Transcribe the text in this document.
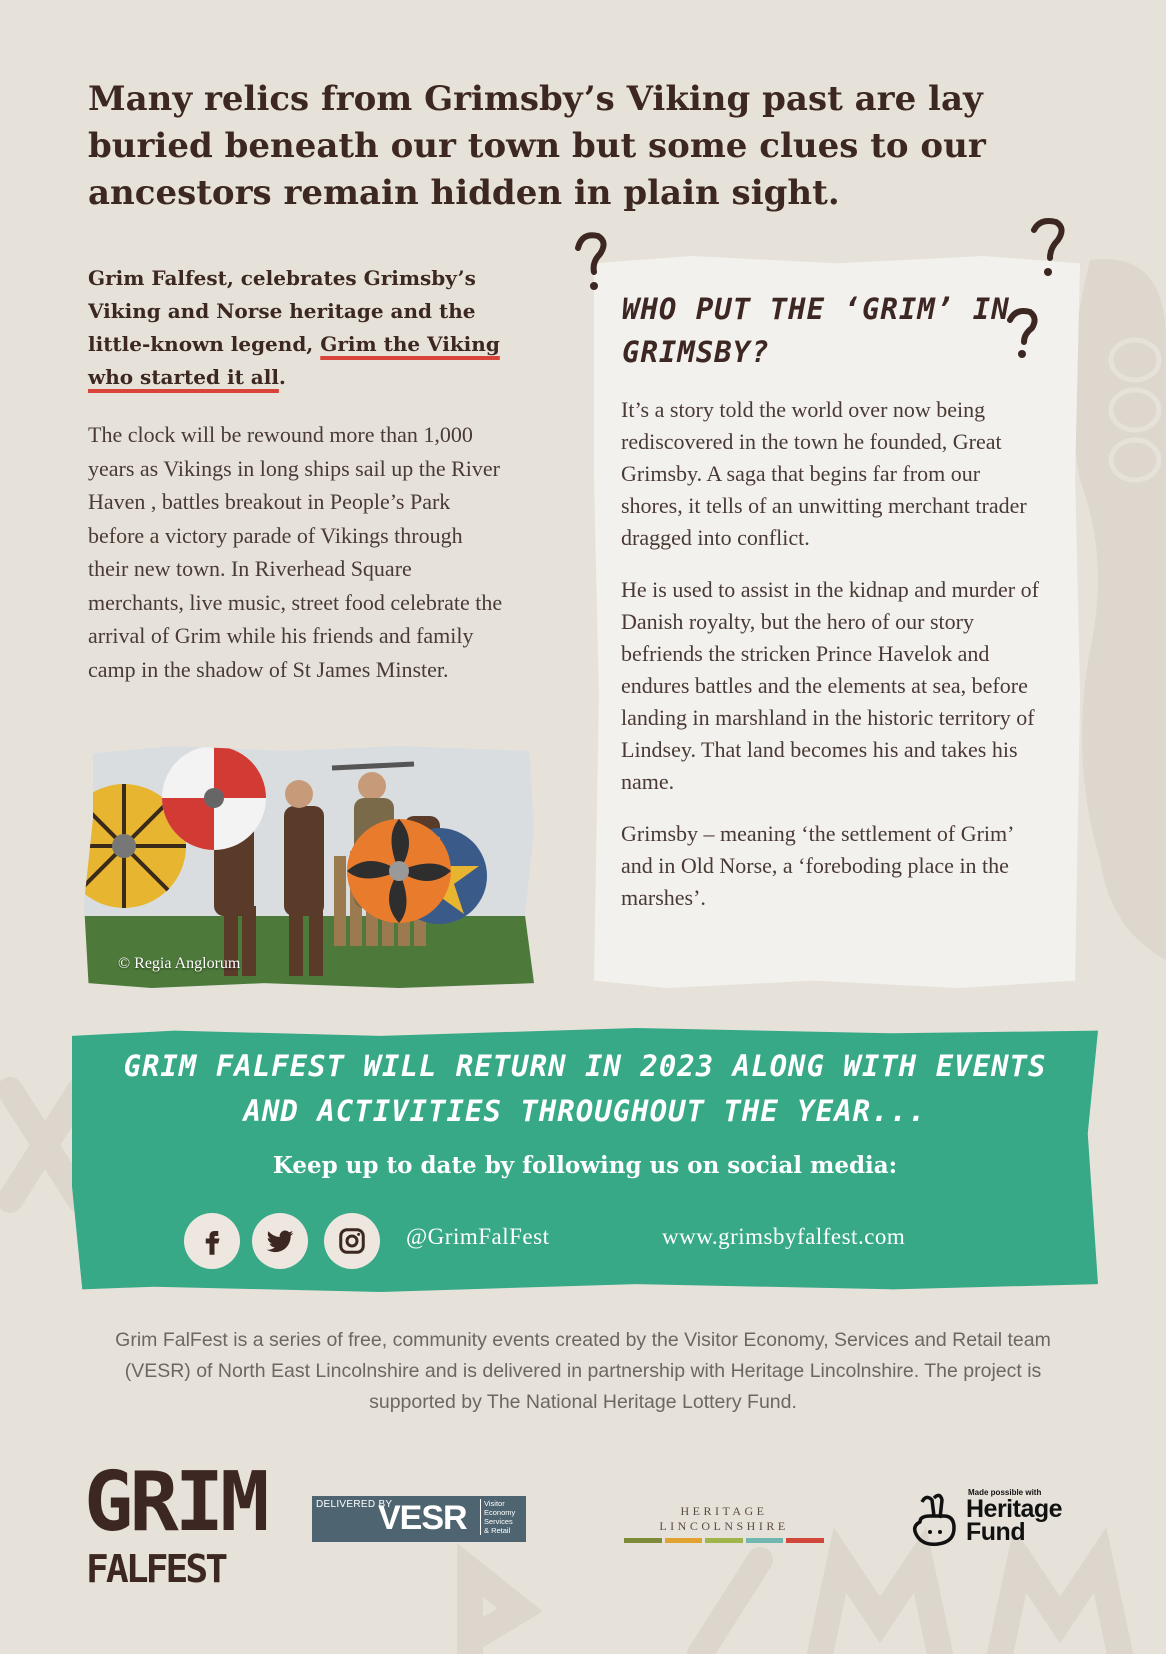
Many relics from Grimsby’s Viking past are lay buried beneath our town but some clues to our ancestors remain hidden in plain sight.

Grim Falfest, celebrates Grimsby’s Viking and Norse heritage and the little-known legend, Grim the Viking who started it all.

The clock will be rewound more than 1,000 years as Vikings in long ships sail up the River Haven , battles breakout in People’s Park before a victory parade of Vikings through their new town. In Riverhead Square merchants, live music, street food celebrate the arrival of Grim while his friends and family camp in the shadow of St James Minster.

© Regia Anglorum

WHO PUT THE ‘GRIM’ IN GRIMSBY?

It’s a story told the world over now being rediscovered in the town he founded, Great Grimsby. A saga that begins far from our shores, it tells of an unwitting merchant trader dragged into conflict.

He is used to assist in the kidnap and murder of Danish royalty, but the hero of our story befriends the stricken Prince Havelok and endures battles and the elements at sea, before landing in marshland in the historic territory of Lindsey. That land becomes his and takes his name.

Grimsby – meaning ‘the settlement of Grim’ and in Old Norse, a ‘foreboding place in the marshes’.

GRIM FALFEST WILL RETURN IN 2023 ALONG WITH EVENTS AND ACTIVITIES THROUGHOUT THE YEAR...

Keep up to date by following us on social media:
@GrimFalFest	www.grimsbyfalfest.com

Grim FalFest is a series of free, community events created by the Visitor Economy, Services and Retail team (VESR) of North East Lincolnshire and is delivered in partnership with Heritage Lincolnshire. The project is supported by The National Heritage Lottery Fund.

GRIM
FALFEST
DELIVERED BY
VESR	Visitor
Economy
Services
& Retail
HERITAGE LINCOLNSHIRE
Made possible with
Heritage
Fund
